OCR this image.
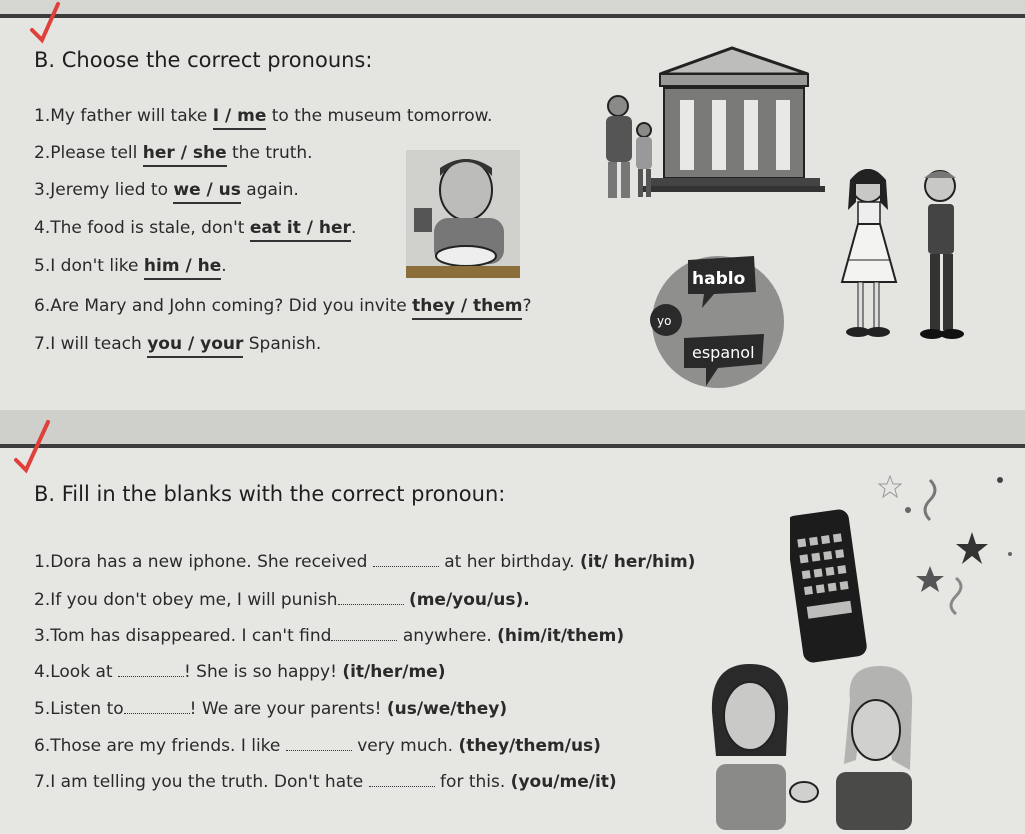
B. Choose the correct pronouns:
1.My father will take I / me to the museum tomorrow.
2.Please tell her / she the truth.
3.Jeremy lied to we / us again.
4.The food is stale, don't eat it / her.
5.I don't like him / he.
6.Are Mary and John coming? Did you invite they / them?
7.I will teach you / your Spanish.
hablo
yo
espanol
B. Fill in the blanks with the correct pronoun:
1.Dora has a new iphone. She received	at her birthday. (it/ her/him)
2.If you don't obey me, I will punish	(me/you/us).
3.Tom has disappeared. I can't find	anywhere. (him/it/them)
4.Look at	! She is so happy! (it/her/me)
5.Listen to	! We are your parents! (us/we/they)
6.Those are my friends. I like	very much. (they/them/us)
7.I am telling you the truth. Don't hate	for this. (you/me/it)
